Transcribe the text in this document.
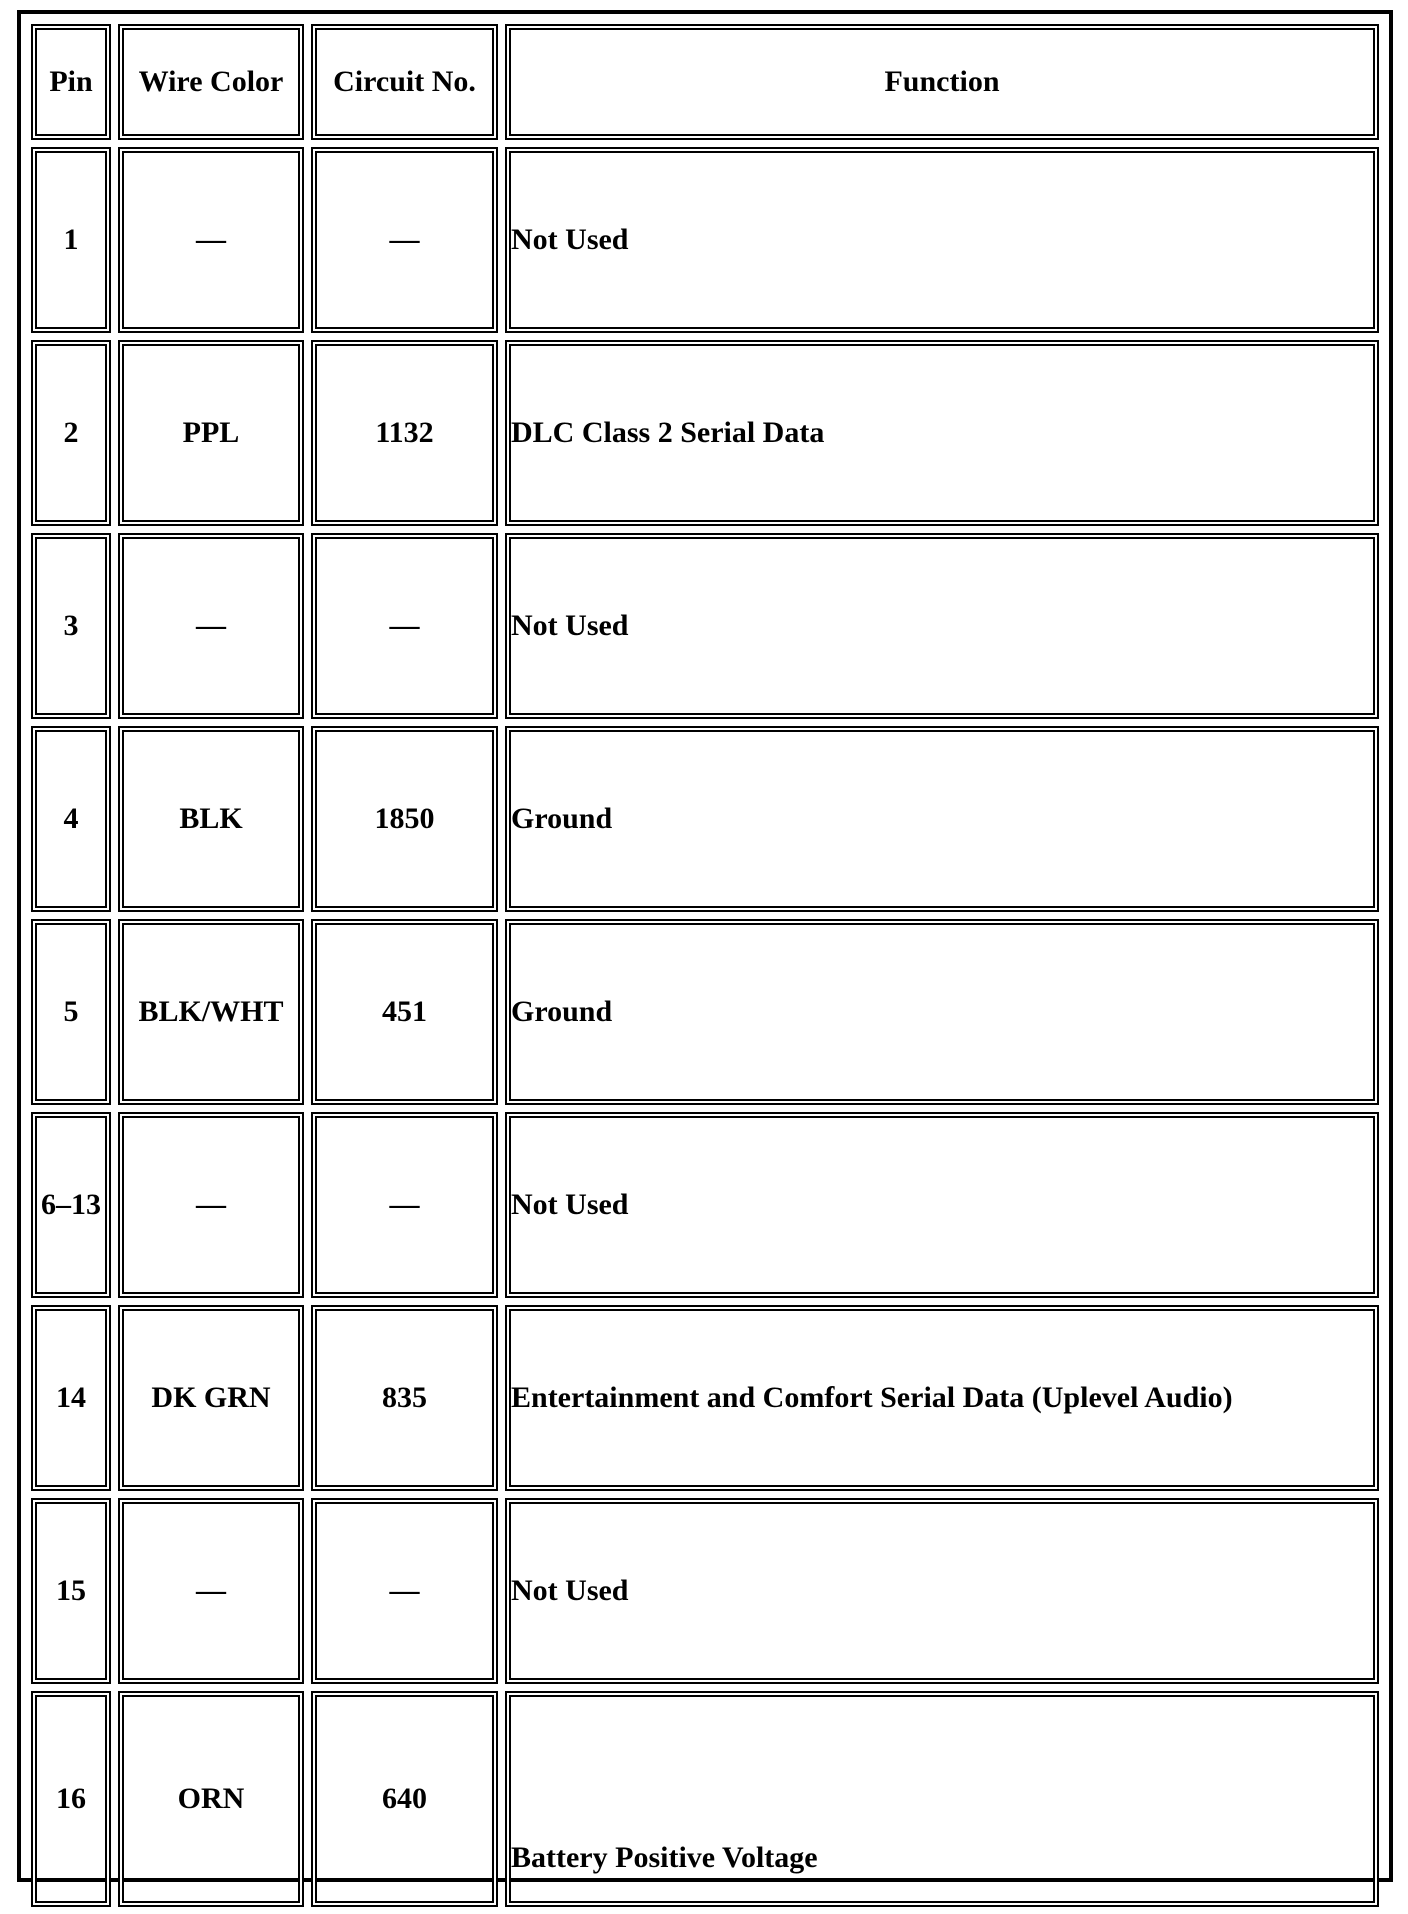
Pin	Wire Color	Circuit No.	Function
1	—	—	Not Used
2	PPL	1132	DLC Class 2 Serial Data
3	—	—	Not Used
4	BLK	1850	Ground
5	BLK/WHT	451	Ground
6–13	—	—	Not Used
14	DK GRN	835	Entertainment and Comfort Serial Data (Uplevel Audio)
15	—	—	Not Used
16	ORN	640	Battery Positive Voltage
